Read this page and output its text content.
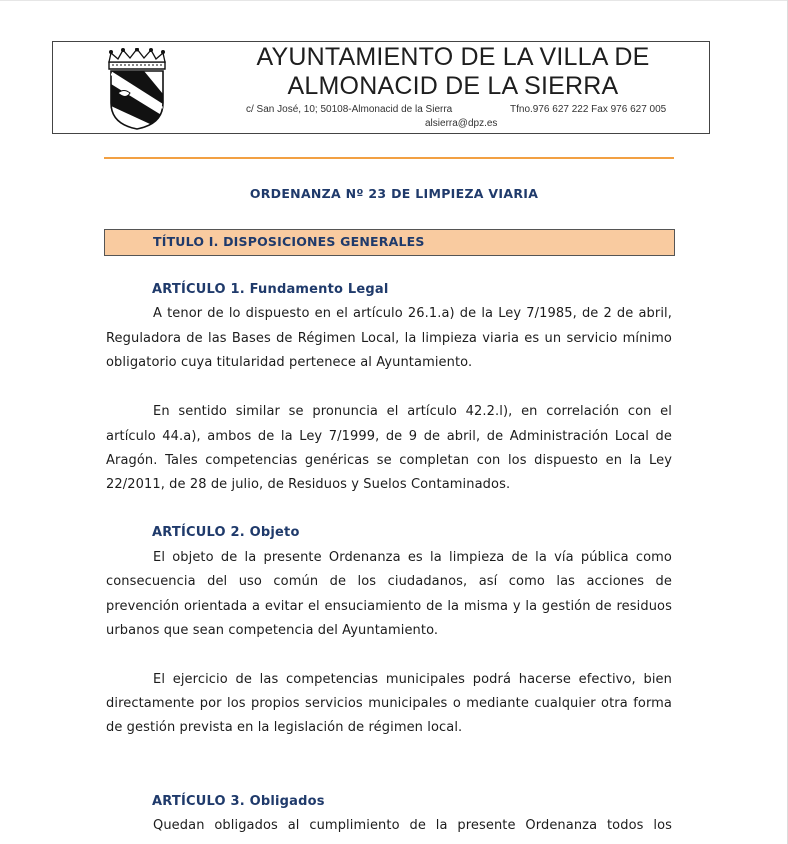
AYUNTAMIENTO DE LA VILLA DE
ALMONACID DE LA SIERRA
c/ San José, 10; 50108-Almonacid de la Sierra	Tfno.976 627 222 Fax 976 627 005
alsierra@dpz.es
ORDENANZA Nº 23 DE LIMPIEZA VIARIA
TÍTULO I. DISPOSICIONES GENERALES
ARTÍCULO 1. Fundamento Legal
A tenor de lo dispuesto en el artículo 26.1.a) de la Ley 7/1985, de 2 de abril,
Reguladora de las Bases de Régimen Local, la limpieza viaria es un servicio mínimo
obligatorio cuya titularidad pertenece al Ayuntamiento.
En sentido similar se pronuncia el artículo 42.2.l), en correlación con el
artículo 44.a), ambos de la Ley 7/1999, de 9 de abril, de Administración Local de
Aragón. Tales competencias genéricas se completan con los dispuesto en la Ley
22/2011, de 28 de julio, de Residuos y Suelos Contaminados.
ARTÍCULO 2. Objeto
El objeto de la presente Ordenanza es la limpieza de la vía pública como
consecuencia del uso común de los ciudadanos, así como las acciones de
prevención orientada a evitar el ensuciamiento de la misma y la gestión de residuos
urbanos que sean competencia del Ayuntamiento.
El ejercicio de las competencias municipales podrá hacerse efectivo, bien
directamente por los propios servicios municipales o mediante cualquier otra forma
de gestión prevista en la legislación de régimen local.
ARTÍCULO 3. Obligados
Quedan obligados al cumplimiento de la presente Ordenanza todos los
